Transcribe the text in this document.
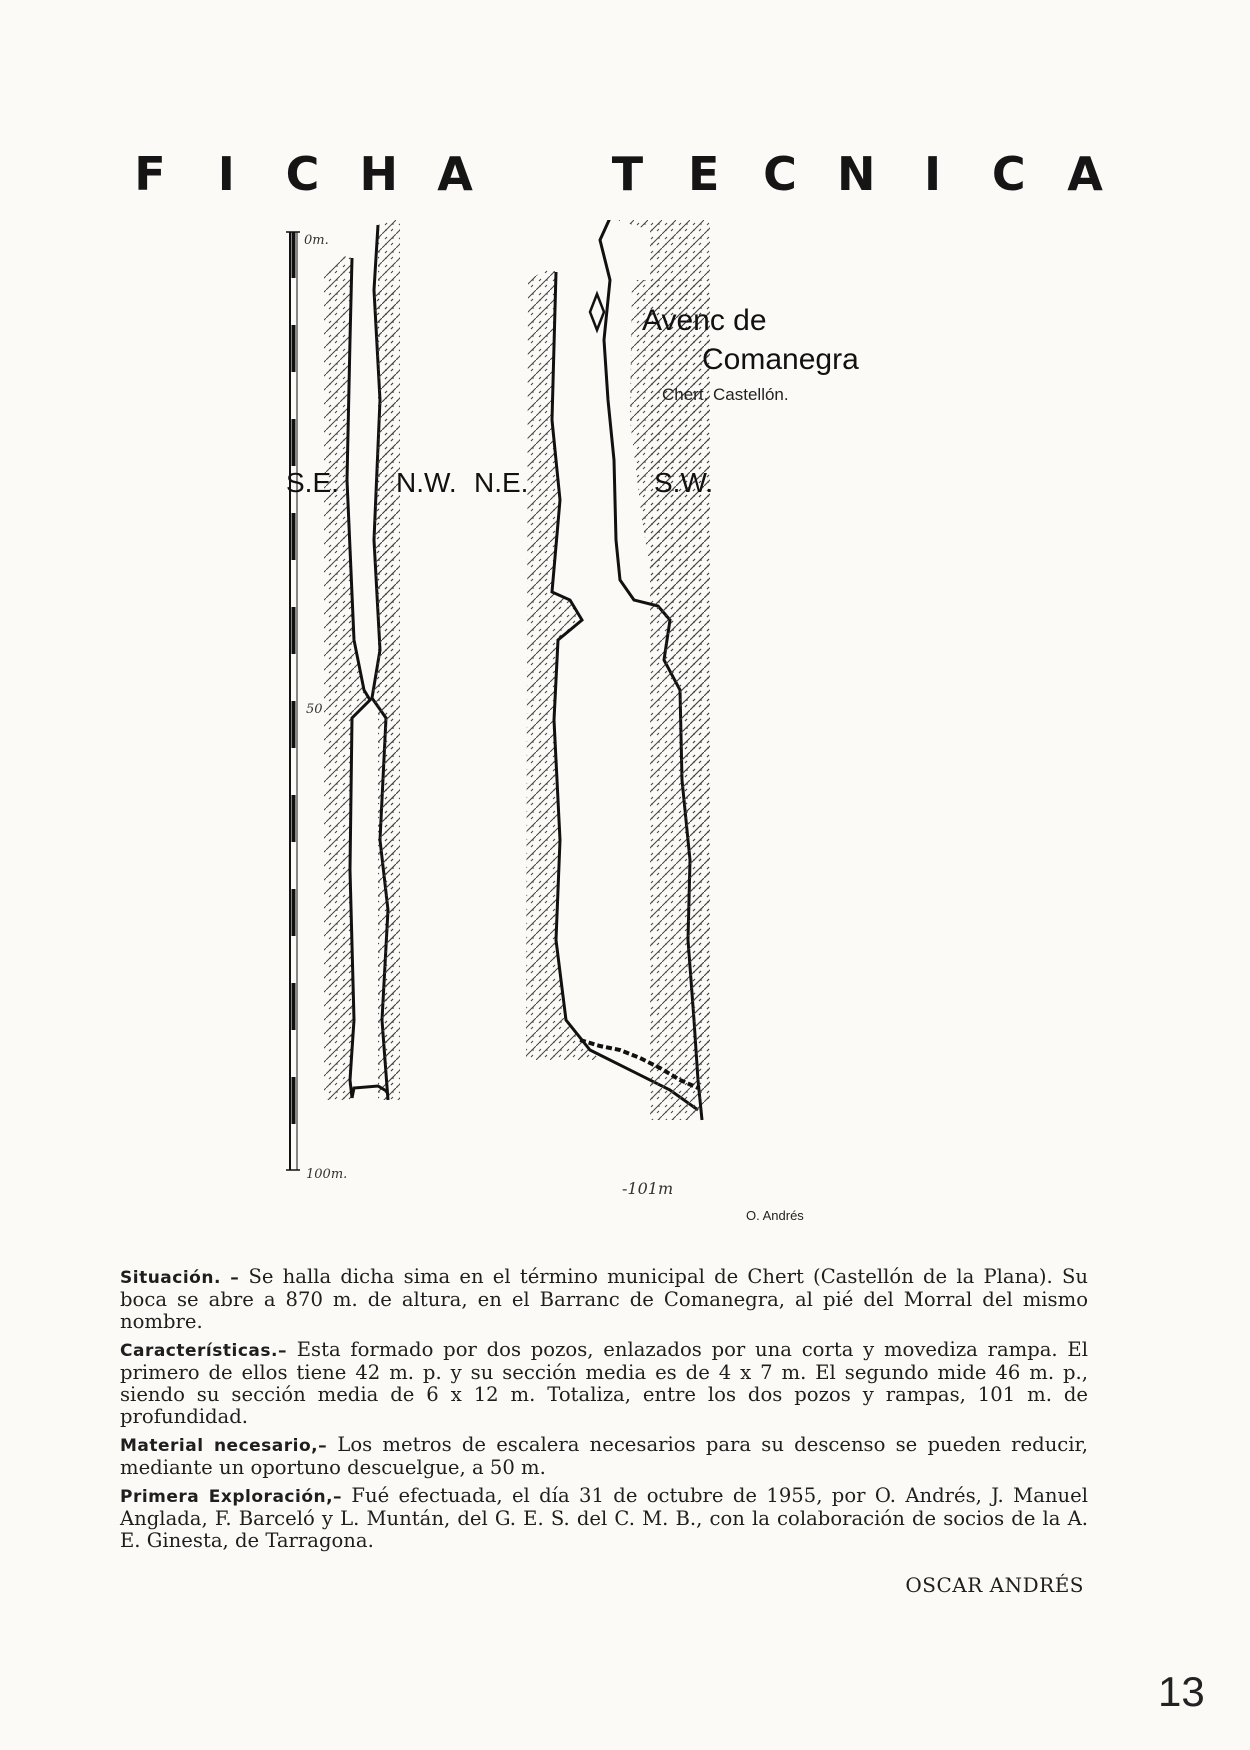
F I C H A	T E C N I C A
0m.
50
100m.
S.E. N.W. N.E.	S.W.
Avenc de
Comanegra
Chert. Castellón.
-101m
O. Andrés

Situación. – Se halla dicha sima en el término municipal de Chert (Castellón de la Plana). Su boca se abre a 870 m. de altura, en el Barranc de Comanegra, al pié del Morral del mismo nombre.

Características.– Esta formado por dos pozos, enlazados por una corta y movediza rampa. El primero de ellos tiene 42 m. p. y su sección media es de 4 x 7 m. El segundo mide 46 m. p., siendo su sección media de 6 x 12 m. Totaliza, entre los dos pozos y rampas, 101 m. de profundidad.

Material necesario,– Los metros de escalera necesarios para su descenso se pueden reducir, mediante un oportuno descuelgue, a 50 m.

Primera Exploración,– Fué efectuada, el día 31 de octubre de 1955, por O. Andrés, J. Manuel Anglada, F. Barceló y L. Muntán, del G. E. S. del C. M. B., con la colaboración de socios de la A. E. Ginesta, de Tarragona.

OSCAR ANDRÉS
13
